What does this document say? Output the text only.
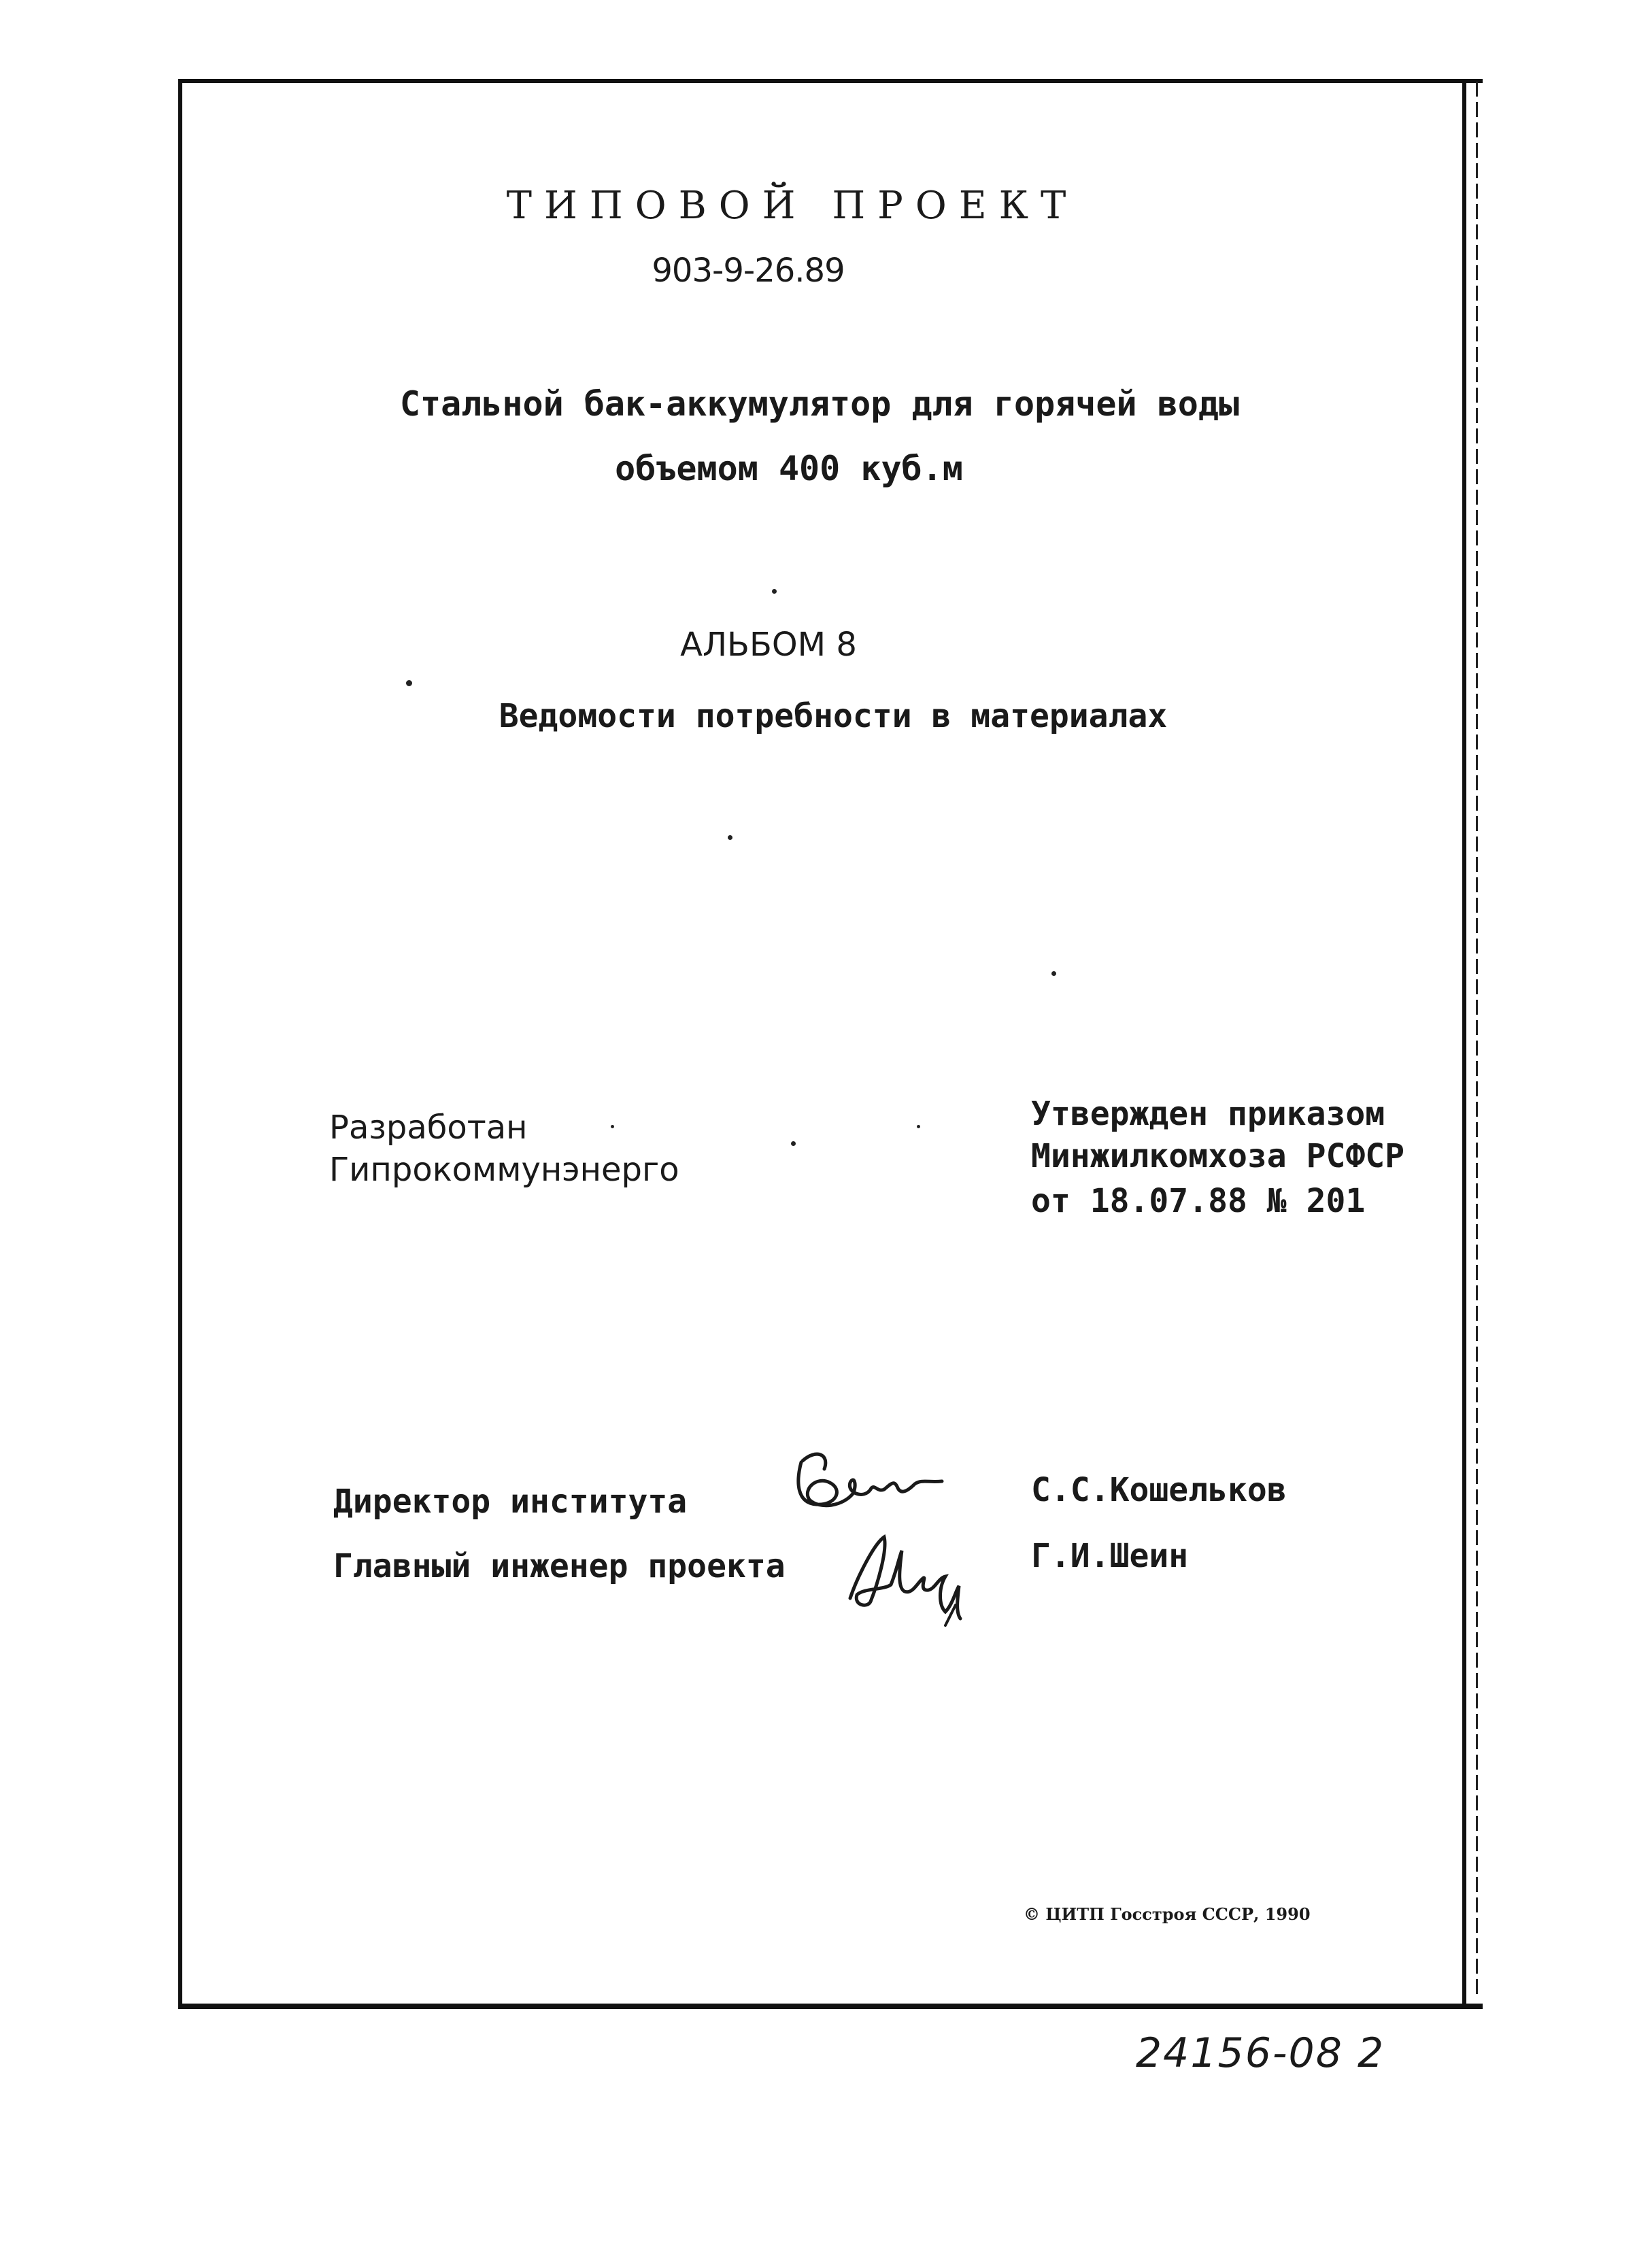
ТИПОВОЙ ПРОЕКТ
903-9-26.89
Стальной бак-аккумулятор для горячей воды
объемом 400 куб.м
АЛЬБОМ 8
Ведомости потребности в материалах
Разработан
Гипрокоммунэнерго
Утвержден приказом
Минжилкомхоза РСФСР
от 18.07.88 № 201
Директор института	С.С.Кошельков
Главный инженер проекта	Г.И.Шеин
© ЦИТП Госстроя СССР, 1990
24156-08 2
